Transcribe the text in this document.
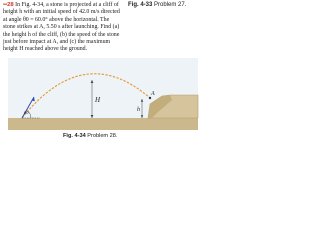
••28 In Fig. 4-34, a stone is projected at a cliff of height h with an initial speed of 42.0 m/s directed at angle θ0 = 60.0° above the horizontal. The stone strikes at A, 5.50 s after launching. Find (a) the height h of the cliff, (b) the speed of the stone just before impact at A, and (c) the maximum height H reached above the ground.
Fig. 4-33 Problem 27.
H
A
h
θ0
Fig. 4-34 Problem 28.
